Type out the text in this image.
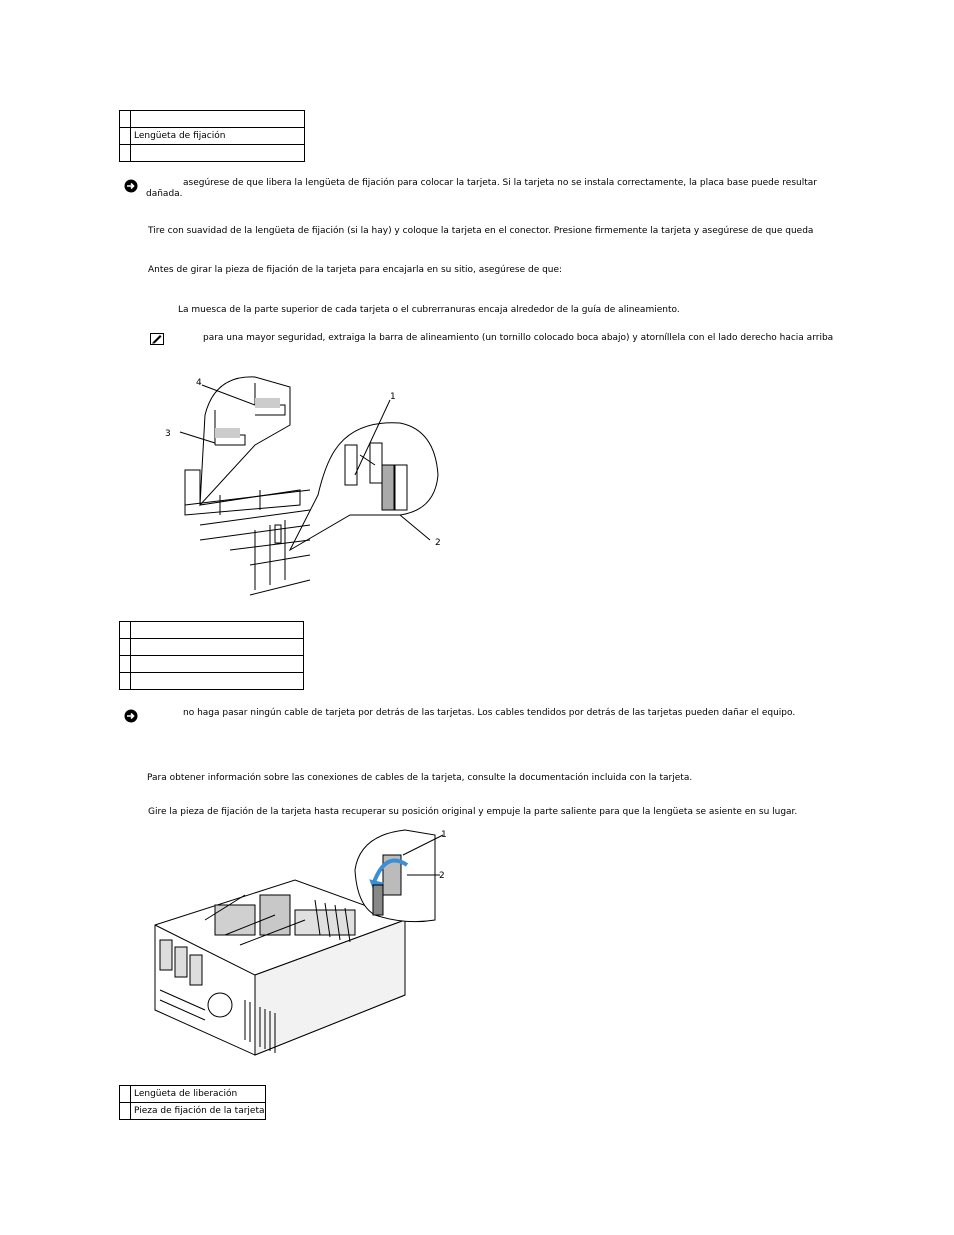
	Lengüeta de fijación

asegúrese de que libera la lengüeta de fijación para colocar la tarjeta. Si la tarjeta no se instala correctamente, la placa base puede resultar
dañada.
Tire con suavidad de la lengüeta de fijación (si la hay) y coloque la tarjeta en el conector. Presione firmemente la tarjeta y asegúrese de que queda
Antes de girar la pieza de fijación de la tarjeta para encajarla en su sitio, asegúrese de que:
La muesca de la parte superior de cada tarjeta o el cubrerranuras encaja alrededor de la guía de alineamiento.
para una mayor seguridad, extraiga la barra de alineamiento (un tornillo colocado boca abajo) y atorníllela con el lado derecho hacia arriba
1
2
3
4

no haga pasar ningún cable de tarjeta por detrás de las tarjetas. Los cables tendidos por detrás de las tarjetas pueden dañar el equipo.
Para obtener información sobre las conexiones de cables de la tarjeta, consulte la documentación incluida con la tarjeta.
Gire la pieza de fijación de la tarjeta hasta recuperar su posición original y empuje la parte saliente para que la lengüeta se asiente en su lugar.
1
2
	Lengüeta de liberación
	Pieza de fijación de la tarjeta
